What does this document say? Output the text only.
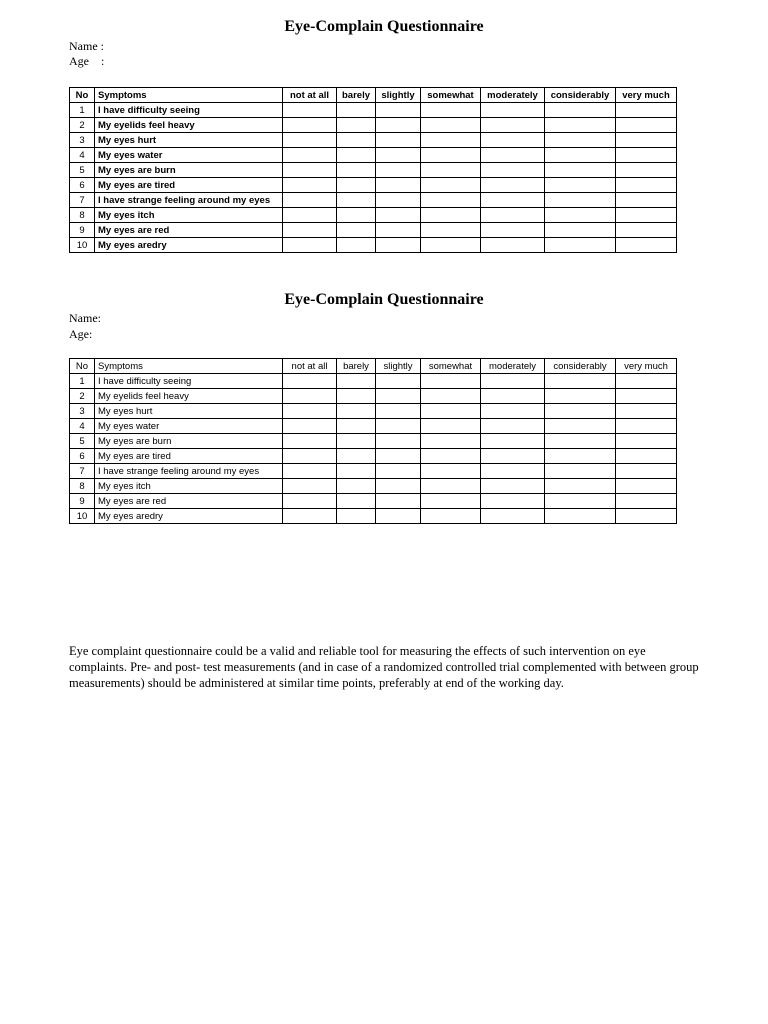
Eye-Complain Questionnaire

Name :

Age    :

No	Symptoms	not at all	barely	slightly	somewhat	moderately	considerably	very much
1	I have difficulty seeing							
2	My eyelids feel heavy							
3	My eyes hurt							
4	My eyes water							
5	My eyes are burn							
6	My eyes are tired							
7	I have strange feeling around my eyes							
8	My eyes itch							
9	My eyes are red							
10	My eyes aredry							
Eye-Complain Questionnaire

Name:

Age:

No	Symptoms	not at all	barely	slightly	somewhat	moderately	considerably	very much
1	I have difficulty seeing							
2	My eyelids feel heavy							
3	My eyes hurt							
4	My eyes water							
5	My eyes are burn							
6	My eyes are tired							
7	I have strange feeling around my eyes							
8	My eyes itch							
9	My eyes are red							
10	My eyes aredry							

Eye complaint questionnaire could be a valid and reliable tool for measuring the effects of such intervention on eye complaints. Pre- and post- test measurements (and in case of a randomized controlled trial complemented with between group measurements) should be administered at similar time points, preferably at end of the working day.
